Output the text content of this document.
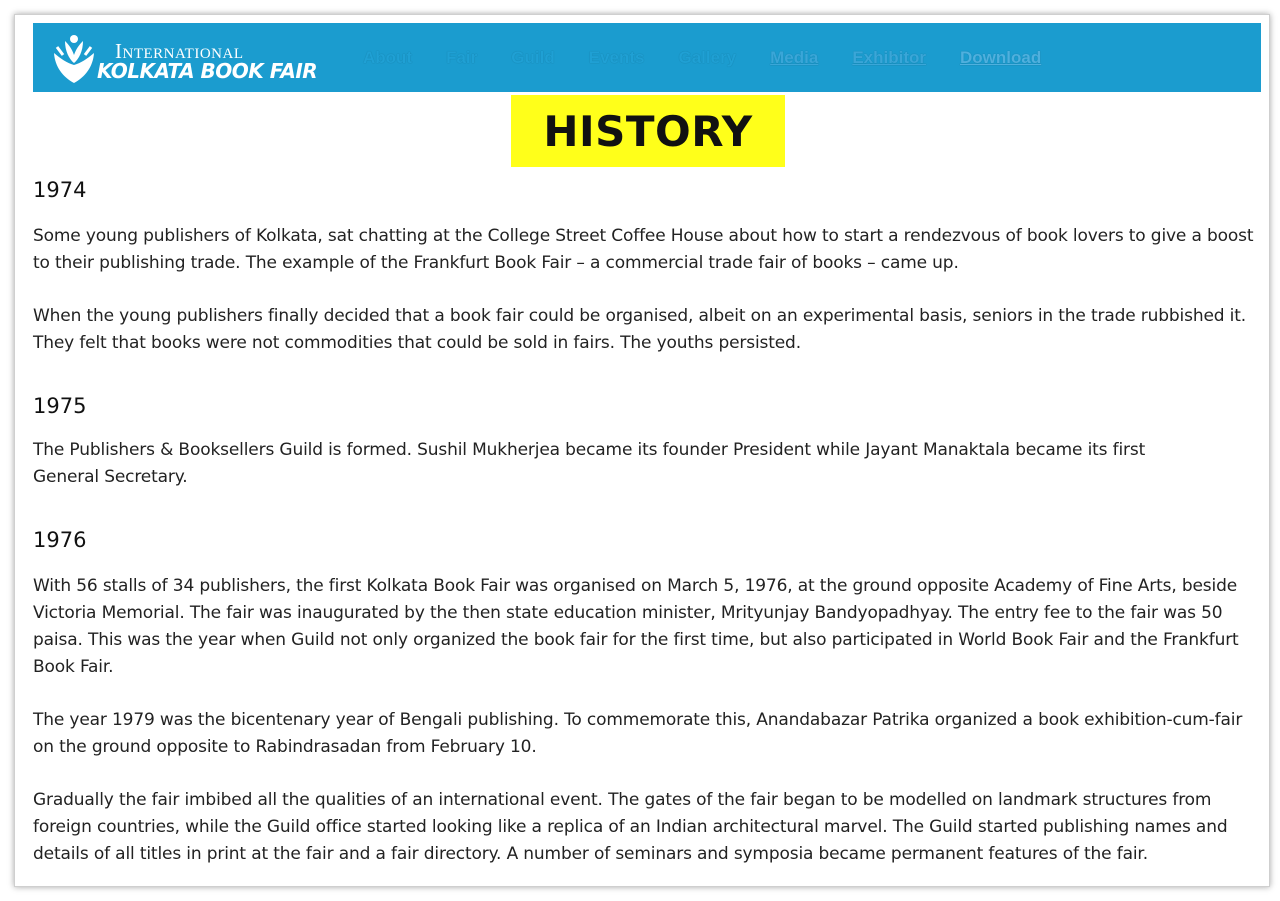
International
KOLKATA BOOK FAIR
About Fair Guild Events Gallery Media Exhibitor Download
HISTORY
1974

Some young publishers of Kolkata, sat chatting at the College Street Coffee House about how to start a rendezvous of book lovers to give a boost to their publishing trade. The example of the Frankfurt Book Fair – a commercial trade fair of books – came up.

When the young publishers finally decided that a book fair could be organised, albeit on an experimental basis, seniors in the trade rubbished it. They felt that books were not commodities that could be sold in fairs. The youths persisted.

1975

The Publishers & Booksellers Guild is formed. Sushil Mukherjea became its founder President while Jayant Manaktala became its first General Secretary.

1976

With 56 stalls of 34 publishers, the first Kolkata Book Fair was organised on March 5, 1976, at the ground opposite Academy of Fine Arts, beside Victoria Memorial. The fair was inaugurated by the then state education minister, Mrityunjay Bandyopadhyay. The entry fee to the fair was 50 paisa. This was the year when Guild not only organized the book fair for the first time, but also participated in World Book Fair and the Frankfurt Book Fair.

The year 1979 was the bicentenary year of Bengali publishing. To commemorate this, Anandabazar Patrika organized a book exhibition-cum-fair on the ground opposite to Rabindrasadan from February 10.

Gradually the fair imbibed all the qualities of an international event. The gates of the fair began to be modelled on landmark structures from foreign countries, while the Guild office started looking like a replica of an Indian architectural marvel. The Guild started publishing names and details of all titles in print at the fair and a fair directory. A number of seminars and symposia became permanent features of the fair.
